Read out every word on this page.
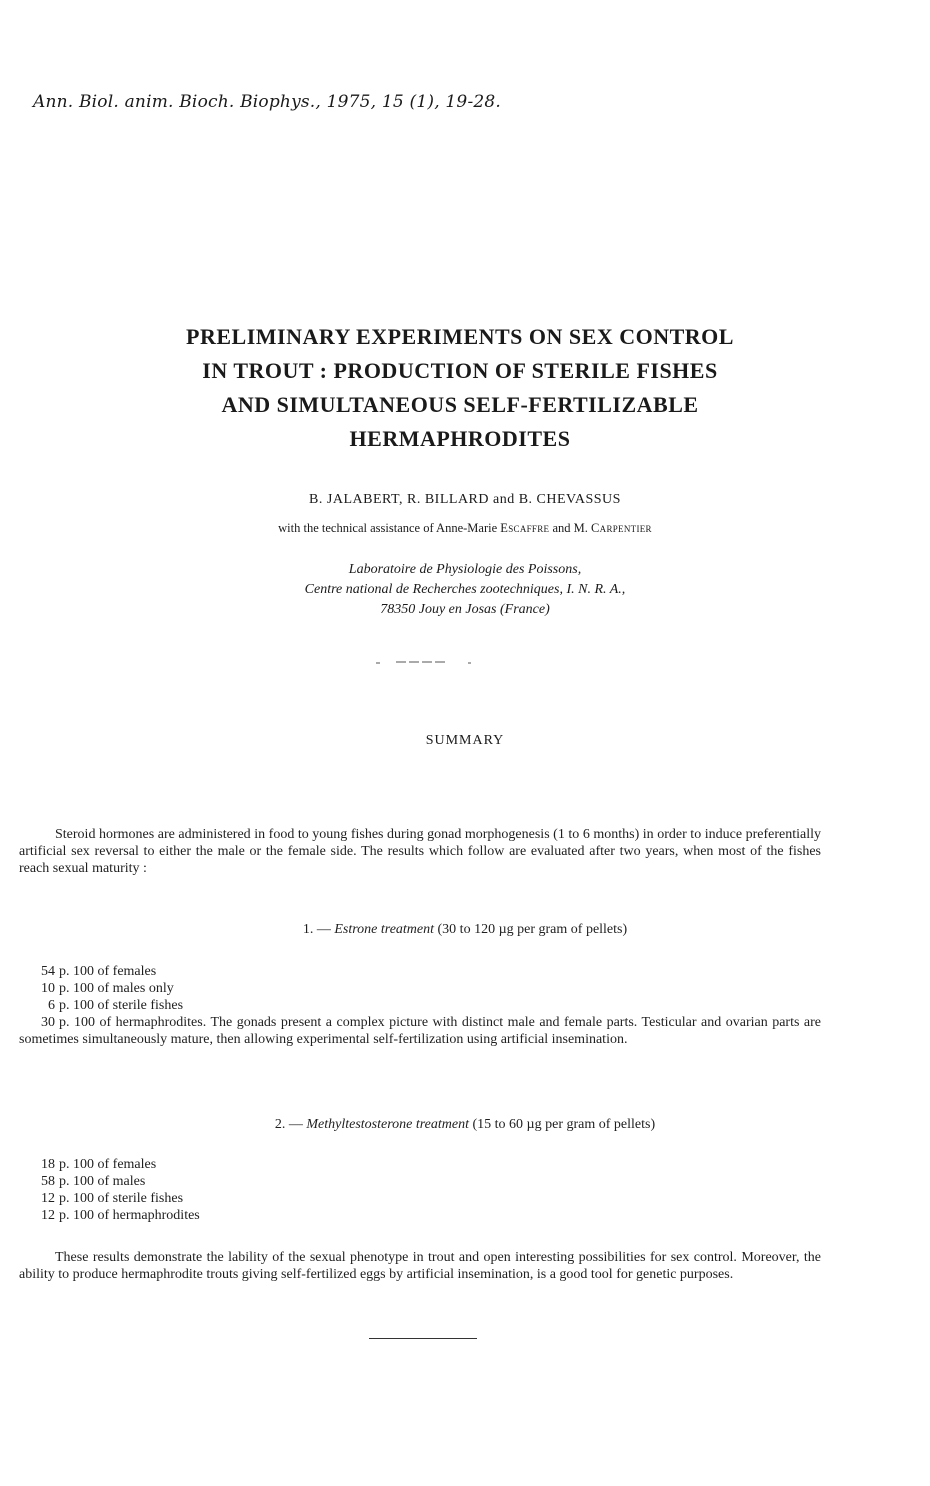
Ann. Biol. anim. Bioch. Biophys., 1975, 15 (1), 19-28.
PRELIMINARY EXPERIMENTS ON SEX CONTROL
IN TROUT : PRODUCTION OF STERILE FISHES
AND SIMULTANEOUS SELF-FERTILIZABLE
HERMAPHRODITES
B. JALABERT, R. BILLARD and B. CHEVASSUS
with the technical assistance of Anne-Marie Escaffre and M. Carpentier
Laboratoire de Physiologie des Poissons,
Centre national de Recherches zootechniques, I. N. R. A.,
78350 Jouy en Josas (France)
SUMMARY

Steroid hormones are administered in food to young fishes during gonad morphogenesis (1 to 6 months) in order to induce preferentially artificial sex reversal to either the male or the female side. The results which follow are evaluated after two years, when most of the fishes reach sexual maturity :

1. — Estrone treatment (30 to 120 µg per gram of pellets)
54 p. 100 of females
10 p. 100 of males only
6 p. 100 of sterile fishes
30 p. 100 of hermaphrodites. The gonads present a complex picture with distinct male and female parts. Testicular and ovarian parts are sometimes simultaneously mature, then allowing experimental self-fertilization using artificial insemination.
2. — Methyltestosterone treatment (15 to 60 µg per gram of pellets)
18 p. 100 of females
58 p. 100 of males
12 p. 100 of sterile fishes
12 p. 100 of hermaphrodites

These results demonstrate the lability of the sexual phenotype in trout and open interesting possibilities for sex control. Moreover, the ability to produce hermaphrodite trouts giving self-fertilized eggs by artificial insemination, is a good tool for genetic purposes.
